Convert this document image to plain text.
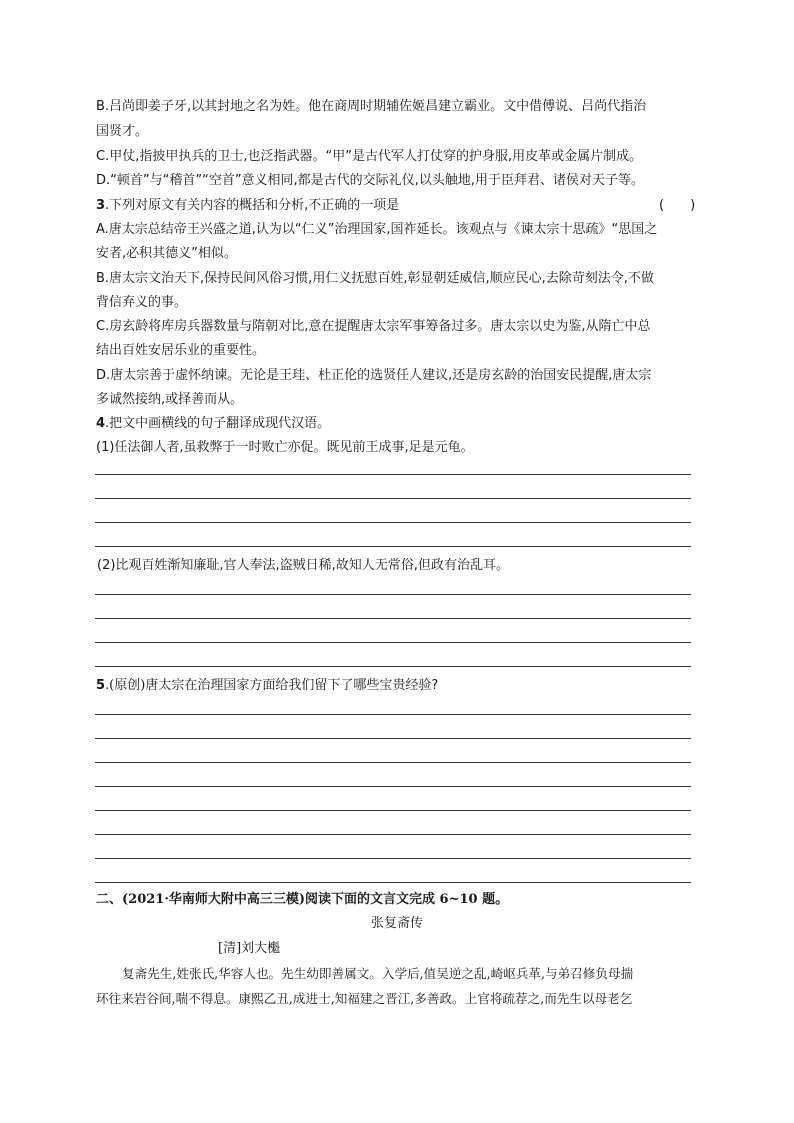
B.吕尚即姜子牙,以其封地之名为姓。他在商周时期辅佐姬昌建立霸业。文中借傅说、吕尚代指治
国贤才。
C.甲仗,指披甲执兵的卫士,也泛指武器。“甲”是古代军人打仗穿的护身服,用皮革或金属片制成。
D.“顿首”与“稽首”“空首”意义相同,都是古代的交际礼仪,以头触地,用于臣拜君、诸侯对天子等。
3.下列对原文有关内容的概括和分析,不正确的一项是	(　　)
A.唐太宗总结帝王兴盛之道,认为以“仁义”治理国家,国祚延长。该观点与《谏太宗十思疏》“思国之
安者,必积其德义”相似。
B.唐太宗文治天下,保持民间风俗习惯,用仁义抚慰百姓,彰显朝廷威信,顺应民心,去除苛刻法令,不做
背信弃义的事。
C.房玄龄将库房兵器数量与隋朝对比,意在提醒唐太宗军事筹备过多。唐太宗以史为鉴,从隋亡中总
结出百姓安居乐业的重要性。
D.唐太宗善于虚怀纳谏。无论是王珪、杜正伦的选贤任人建议,还是房玄龄的治国安民提醒,唐太宗
多诚然接纳,或择善而从。
4.把文中画横线的句子翻译成现代汉语。
(1)任法御人者,虽救弊于一时败亡亦促。既见前王成事,足是元龟。
(2)比观百姓渐知廉耻,官人奉法,盗贼日稀,故知人无常俗,但政有治乱耳。
5.(原创)唐太宗在治理国家方面给我们留下了哪些宝贵经验?
二、(2021·华南师大附中高三三模)阅读下面的文言文完成 6~10 题。
张复斋传
[清]刘大櫆
复斋先生,姓张氏,华容人也。先生幼即善属文。入学后,值吴逆之乱,崎岖兵革,与弟召修负母揣
环往来岩谷间,喘不得息。康熙乙丑,成进士,知福建之晋江,多善政。上官将疏荐之,而先生以母老乞
